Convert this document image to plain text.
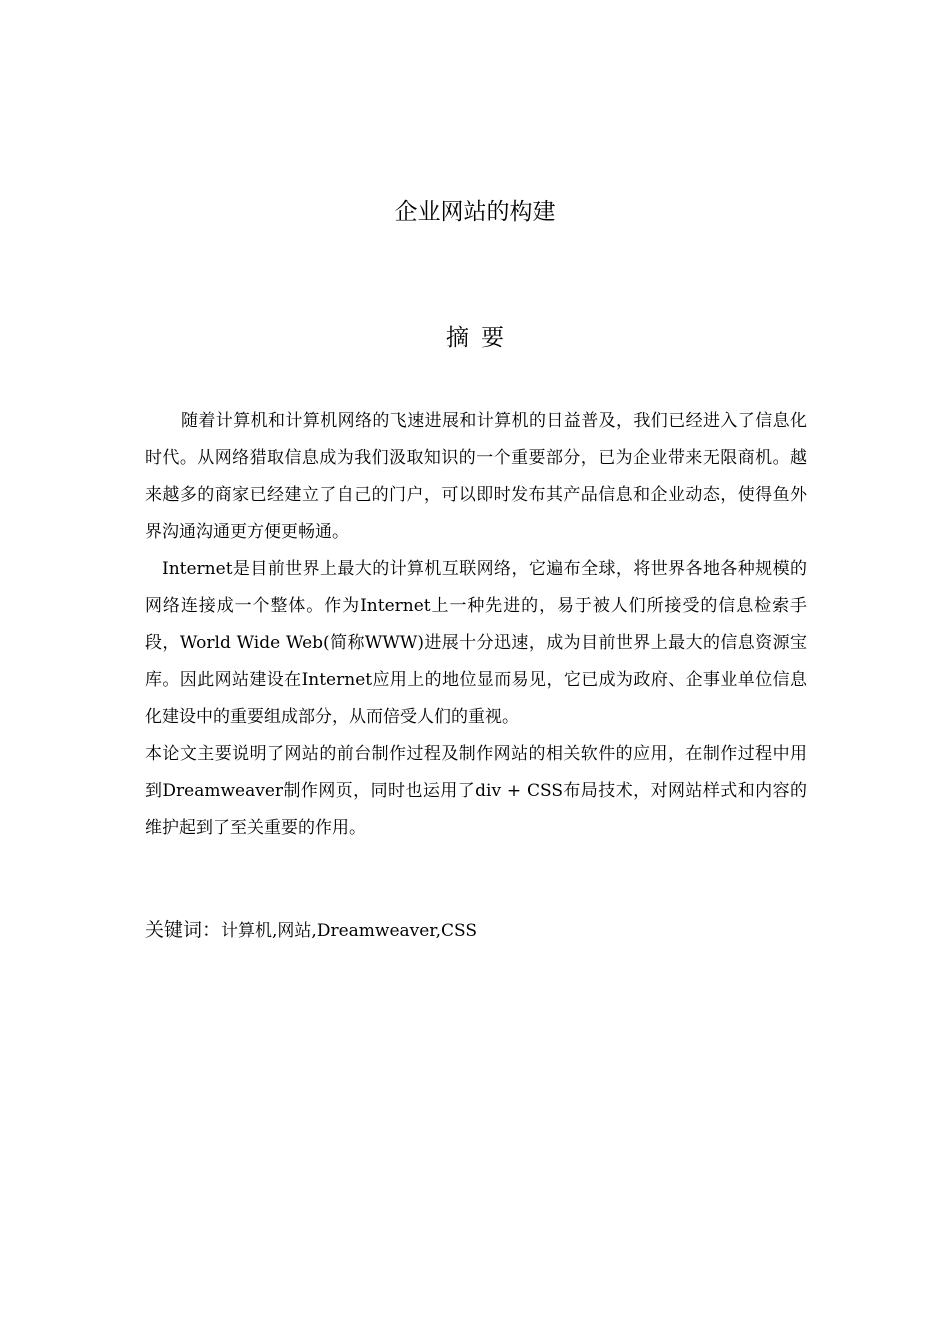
企业网站的构建
摘要

随着计算机和计算机网络的飞速进展和计算机的日益普及，我们已经进入了信息化时代。从网络猎取信息成为我们汲取知识的一个重要部分，已为企业带来无限商机。越来越多的商家已经建立了自己的门户，可以即时发布其产品信息和企业动态，使得鱼外界沟通沟通更方便更畅通。

Internet是目前世界上最大的计算机互联网络，它遍布全球，将世界各地各种规模的网络连接成一个整体。作为Internet上一种先进的，易于被人们所接受的信息检索手段，World Wide Web(简称WWW)进展十分迅速，成为目前世界上最大的信息资源宝库。因此网站建设在Internet应用上的地位显而易见，它已成为政府、企事业单位信息化建设中的重要组成部分，从而倍受人们的重视。

本论文主要说明了网站的前台制作过程及制作网站的相关软件的应用，在制作过程中用到Dreamweaver制作网页，同时也运用了div + CSS布局技术，对网站样式和内容的维护起到了至关重要的作用。

关键词：计算机,网站,Dreamweaver,CSS
